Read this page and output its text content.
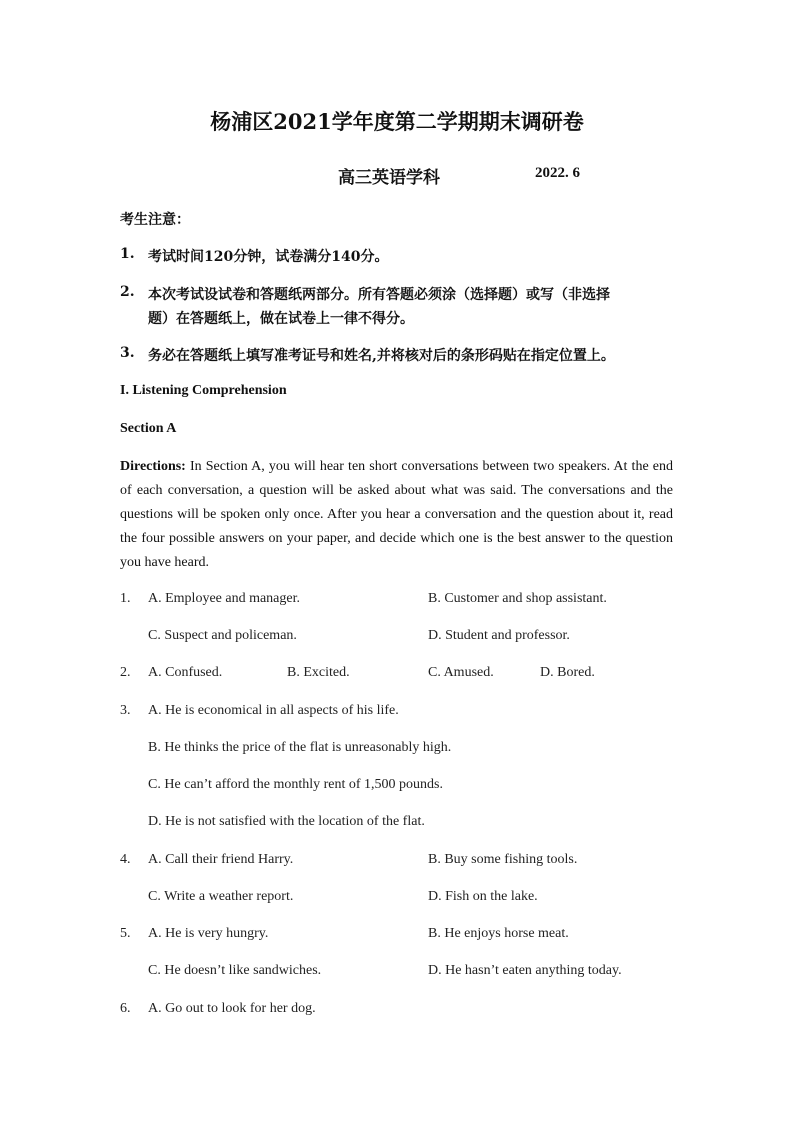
杨浦区2021学年度第二学期期末调研卷
高三英语学科	2022. 6
考生注意：
1. 考试时间120分钟，试卷满分140分。
2. 本次考试设试卷和答题纸两部分。所有答题必须涂（选择题）或写（非选择
题）在答题纸上，做在试卷上一律不得分。
3. 务必在答题纸上填写准考证号和姓名,并将核对后的条形码贴在指定位置上。
I. Listening Comprehension
Section A
Directions: In Section A, you will hear ten short conversations between two speakers. At the end of each conversation, a question will be asked about what was said. The conversations and the questions will be spoken only once. After you hear a conversation and the question about it, read the four possible answers on your paper, and decide which one is the best answer to the question you have heard.
1. A. Employee and manager.	B. Customer and shop assistant.
C. Suspect and policeman.	D. Student and professor.
2. A. Confused.	B. Excited.	C. Amused.	D. Bored.
3. A. He is economical in all aspects of his life.
B. He thinks the price of the flat is unreasonably high.
C. He can’t afford the monthly rent of 1,500 pounds.
D. He is not satisfied with the location of the flat.
4. A. Call their friend Harry.	B. Buy some fishing tools.
C. Write a weather report.	D. Fish on the lake.
5. A. He is very hungry.	B. He enjoys horse meat.
C. He doesn’t like sandwiches.	D. He hasn’t eaten anything today.
6. A. Go out to look for her dog.
